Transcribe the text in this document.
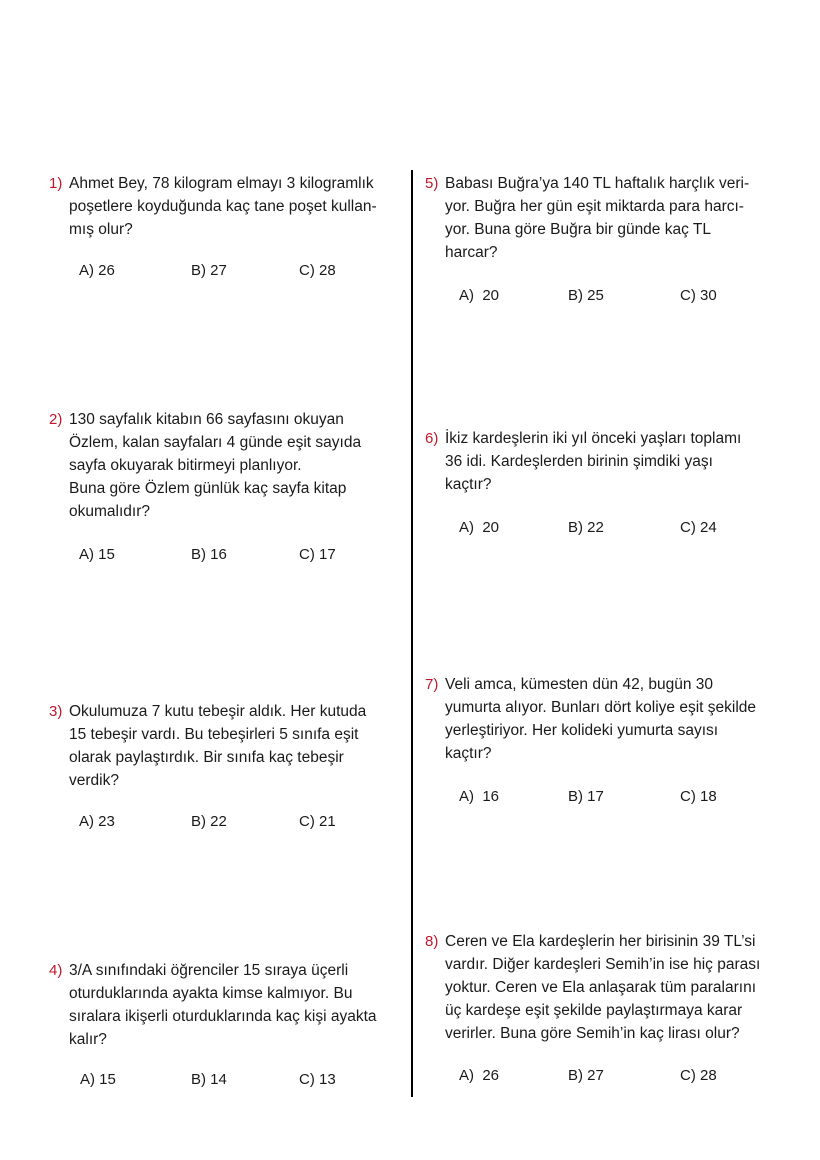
1) Ahmet Bey, 78 kilogram elmayı 3 kilogramlık
poşetlere koyduğunda kaç tane poşet kullan-
mış olur?
A) 26	B) 27	C) 28
2) 130 sayfalık kitabın 66 sayfasını okuyan
Özlem, kalan sayfaları 4 günde eşit sayıda
sayfa okuyarak bitirmeyi planlıyor.
Buna göre Özlem günlük kaç sayfa kitap
okumalıdır?
A) 15	B) 16	C) 17
3) Okulumuza 7 kutu tebeşir aldık. Her kutuda
15 tebeşir vardı. Bu tebeşirleri 5 sınıfa eşit
olarak paylaştırdık. Bir sınıfa kaç tebeşir
verdik?
A) 23	B) 22	C) 21
4) 3/A sınıfındaki öğrenciler 15 sıraya üçerli
oturduklarında ayakta kimse kalmıyor. Bu
sıralara ikişerli oturduklarında kaç kişi ayakta
kalır?
A) 15	B) 14	C) 13
5) Babası Buğra’ya 140 TL haftalık harçlık veri-
yor. Buğra her gün eşit miktarda para harcı-
yor. Buna göre Buğra bir günde kaç TL
harcar?
A)  20	B) 25	C) 30
6) İkiz kardeşlerin iki yıl önceki yaşları toplamı
36 idi. Kardeşlerden birinin şimdiki yaşı
kaçtır?
A)  20	B) 22	C) 24
7) Veli amca, kümesten dün 42, bugün 30
yumurta alıyor. Bunları dört koliye eşit şekilde
yerleştiriyor. Her kolideki yumurta sayısı
kaçtır?
A)  16	B) 17	C) 18
8) Ceren ve Ela kardeşlerin her birisinin 39 TL’si
vardır. Diğer kardeşleri Semih’in ise hiç parası
yoktur. Ceren ve Ela anlaşarak tüm paralarını
üç kardeşe eşit şekilde paylaştırmaya karar
verirler. Buna göre Semih’in kaç lirası olur?
A)  26	B) 27	C) 28
